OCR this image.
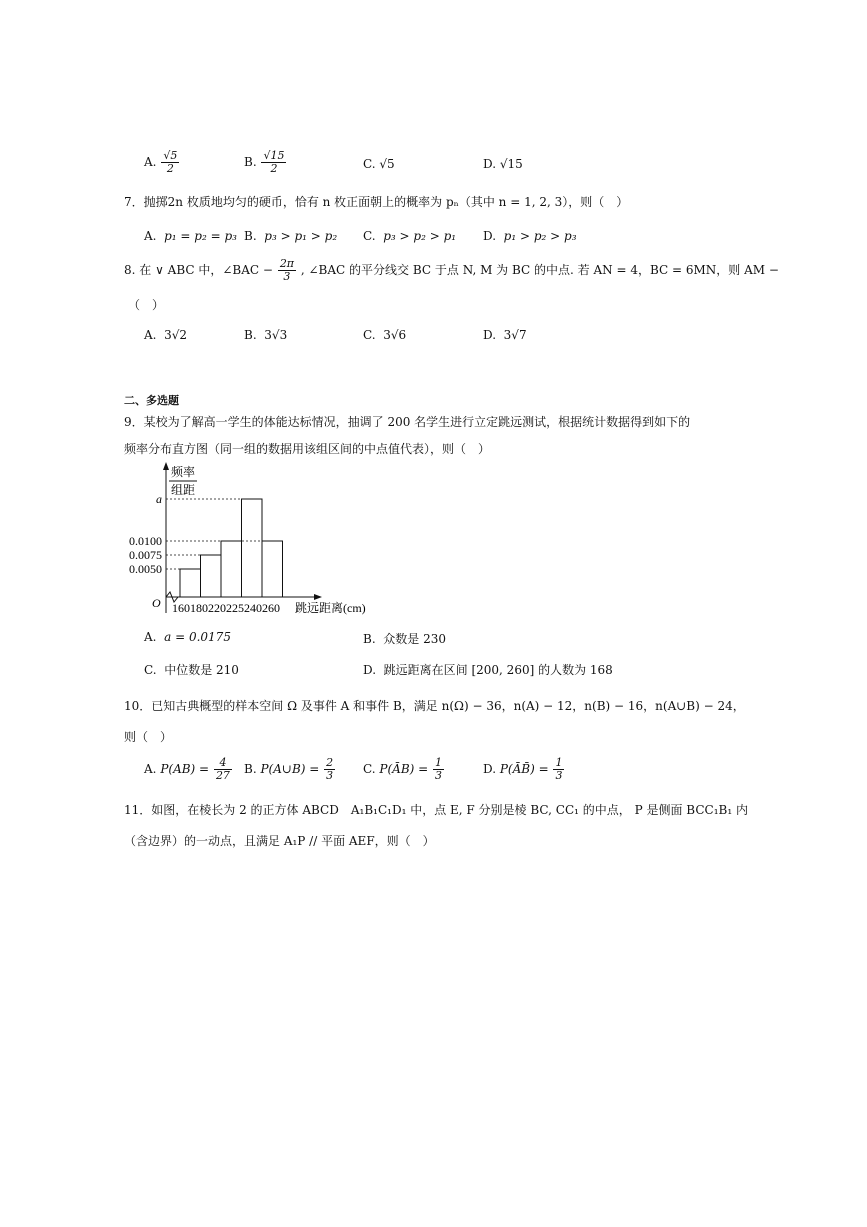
A. $\frac{√5}{2}$	B. $\frac{√15}{2}$	C. √5	D. √15
7．抛掷2n 枚质地均匀的硬币，恰有 n 枚正面朝上的概率为 pₙ（其中 n = 1, 2, 3），则（　）
A. p₁ = p₂ = p₃ B. p₃ > p₁ > p₂ C. p₃ > p₂ > p₁ D. p₁ > p₂ > p₃
8. 在 ∨ ABC 中，∠BAC − $\frac{2\pi}{3}$ , ∠BAC 的平分线交 BC 于点 N, M 为 BC 的中点. 若 AN = 4，BC = 6MN，则 AM −
（　）
A. 3√2	B. 3√3	C. 3√6	D. 3√7
二、多选题
9．某校为了解高一学生的体能达标情况，抽调了 200 名学生进行立定跳远测试，根据统计数据得到如下的
频率分布直方图（同一组的数据用该组区间的中点值代表），则（　）
频率
组距
O
0.0050
0.0075
0.0100
a
160180220225240260 跳远距离(cm)
A. a = 0.0175	B. 众数是 230
C. 中位数是 210	D. 跳远距离在区间 [200, 260] 的人数为 168
10．已知古典概型的样本空间 Ω 及事件 A 和事件 B，满足 n(Ω) − 36，n(A) − 12，n(B) − 16，n(A∪B) − 24，
则（　）
A. $P(AB) = \frac{4}{27} B$. P(A∪B) = $\frac{2}{3} C$. P(ĀB) = $\frac{1}{3}$	D. P(ĀB̄) = $\frac{1}{3}$
11．如图，在棱长为 2 的正方体 ABCD　A₁B₁C₁D₁ 中，点 E, F 分别是棱 BC, CC₁ 的中点， P 是侧面 BCC₁B₁ 内
（含边界）的一动点，且满足 A₁P // 平面 AEF，则（　）
